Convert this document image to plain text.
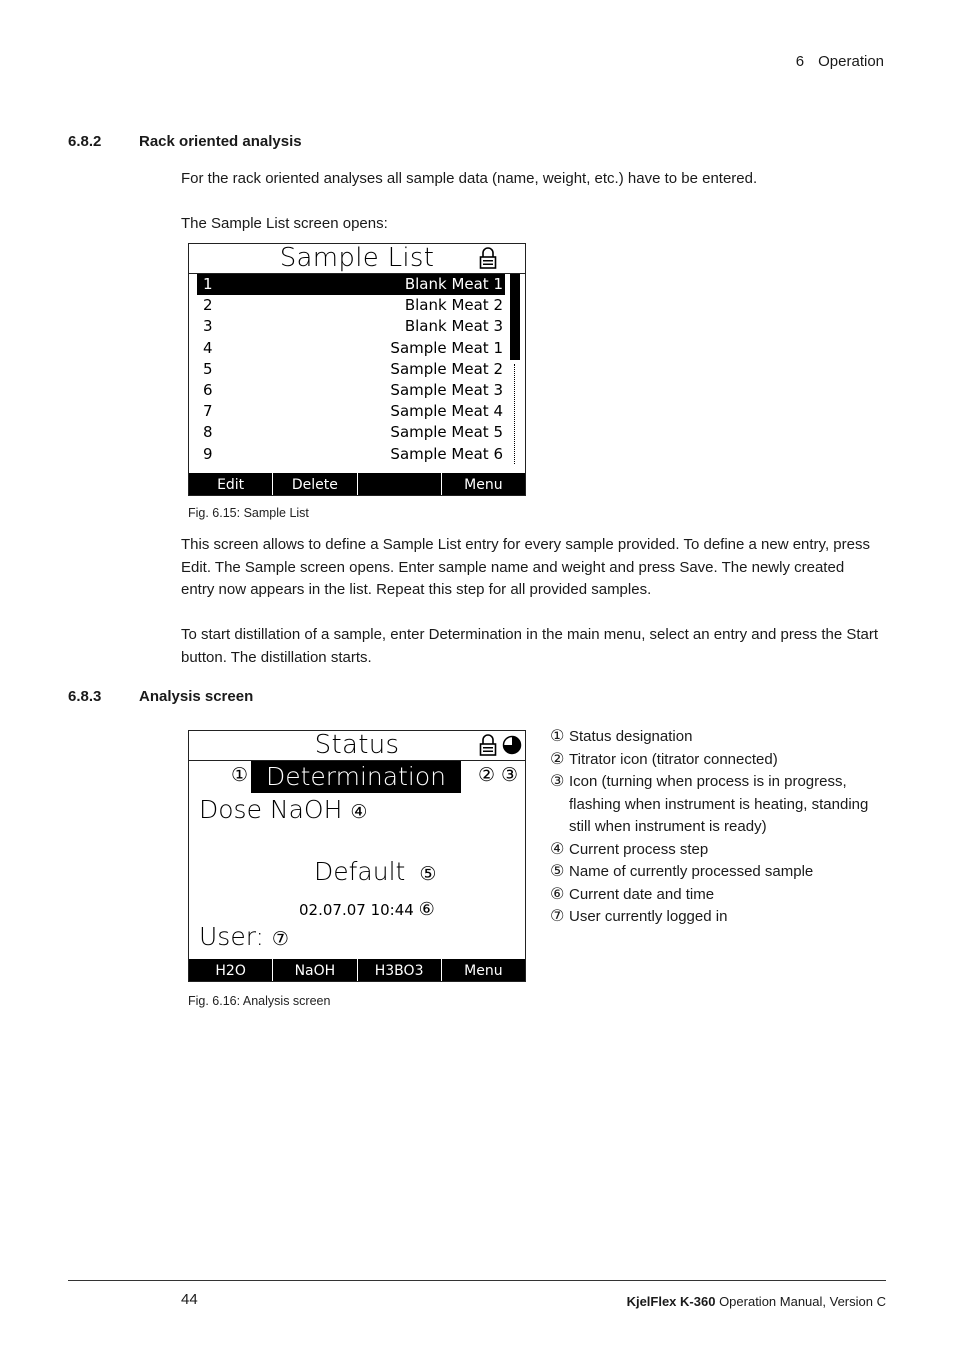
6 Operation
6.8.2	Rack oriented analysis
For the rack oriented analyses all sample data (name, weight, etc.) have to be entered.
The Sample List screen opens:
Sample List
1	Blank Meat 1
2	Blank Meat 2
3	Blank Meat 3
4	Sample Meat 1
5	Sample Meat 2
6	Sample Meat 3
7	Sample Meat 4
8	Sample Meat 5
9	Sample Meat 6
Edit	Delete	Menu
Fig. 6.15: Sample List
This screen allows to define a Sample List entry for every sample provided. To define a new entry, press Edit. The Sample screen opens. Enter sample name and weight and press Save. The newly created entry now appears in the list. Repeat this step for all provided samples.
To start distillation of a sample, enter Determination in the main menu, select an entry and press the Start button. The distillation starts.
6.8.3	Analysis screen
Status
① Determination	② ③
Dose NaOH ④
Default ⑤
02.07.07 10:44 ⑥
User: ⑦
H2O	NaOH	H3BO3	Menu
① Status designation
② Titrator icon (titrator connected)
③ Icon (turning when process is in progress, flashing when instrument is heating, standing still when instrument is ready)
④ Current process step
⑤ Name of currently processed sample
⑥ Current date and time
⑦ User currently logged in
Fig. 6.16: Analysis screen
44	KjelFlex K-360 Operation Manual, Version C
